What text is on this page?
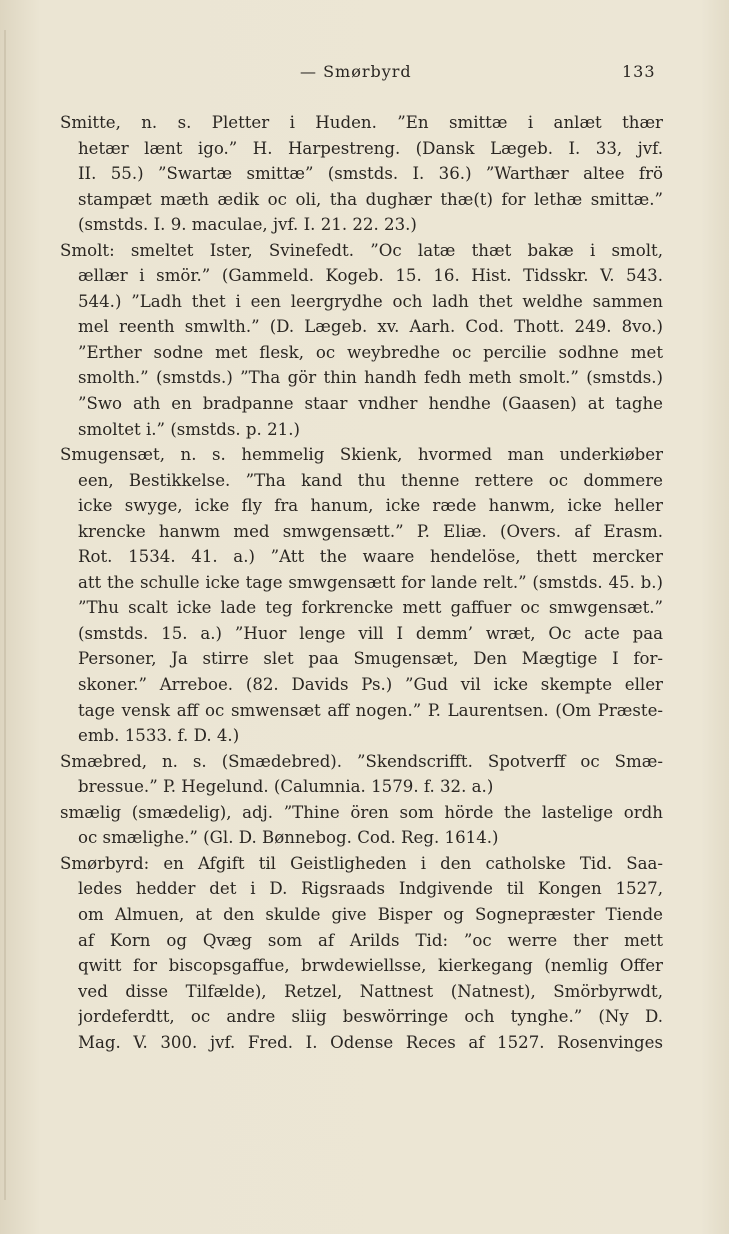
— Smørbyrd	133
Smitte, n. s. Pletter i Huden. ”En smittæ i anlæt thær
hetær lænt igo.” H. Harpestreng. (Dansk Lægeb. I. 33, jvf.
II. 55.) ”Swartæ smittæ” (smstds. I. 36.) ”Warthær altee frö
stampæt mæth ædik oc oli, tha dughær thæ(t) for lethæ smittæ.”
(smstds. I. 9. maculae, jvf. I. 21. 22. 23.)
Smolt: smeltet Ister, Svinefedt. ”Oc latæ thæt bakæ i smolt,
ællær i smör.” (Gammeld. Kogeb. 15. 16. Hist. Tidsskr. V. 543.
544.) ”Ladh thet i een leergrydhe och ladh thet weldhe sammen
mel reenth smwlth.” (D. Lægeb. xv. Aarh. Cod. Thott. 249. 8vo.)
”Erther sodne met flesk, oc weybredhe oc percilie sodhne met
smolth.” (smstds.) ”Tha gör thin handh fedh meth smolt.” (smstds.)
”Swo ath en bradpanne staar vndher hendhe (Gaasen) at taghe
smoltet i.” (smstds. p. 21.)
Smugensæt, n. s. hemmelig Skienk, hvormed man underkiøber
een, Bestikkelse. ”Tha kand thu thenne rettere oc dommere
icke swyge, icke fly fra hanum, icke ræde hanwm, icke heller
krencke hanwm med smwgensætt.” P. Eliæ. (Overs. af Erasm.
Rot. 1534. 41. a.) ”Att the waare hendelöse, thett mercker
att the schulle icke tage smwgensætt for lande relt.” (smstds. 45. b.)
”Thu scalt icke lade teg forkrencke mett gaffuer oc smwgensæt.”
(smstds. 15. a.) ”Huor lenge vill I demm’ wræt, Oc acte paa
Personer, Ja stirre slet paa Smugensæt, Den Mægtige I for-
skoner.” Arreboe. (82. Davids Ps.) ”Gud vil icke skempte eller
tage vensk aff oc smwensæt aff nogen.” P. Laurentsen. (Om Præste-
emb. 1533. f. D. 4.)
Smæbred, n. s. (Smædebred). ”Skendscrifft. Spotverff oc Smæ-
bressue.” P. Hegelund. (Calumnia. 1579. f. 32. a.)
smælig (smædelig), adj. ”Thine ören som hörde the lastelige ordh
oc smælighe.” (Gl. D. Bønnebog. Cod. Reg. 1614.)
Smørbyrd: en Afgift til Geistligheden i den catholske Tid. Saa-
ledes hedder det i D. Rigsraads Indgivende til Kongen 1527,
om Almuen, at den skulde give Bisper og Sognepræster Tiende
af Korn og Qvæg som af Arilds Tid: ”oc werre ther mett
qwitt for biscopsgaffue, brwdewiellsse, kierkegang (nemlig Offer
ved disse Tilfælde), Retzel, Nattnest (Natnest), Smörbyrwdt,
jordeferdtt, oc andre sliig beswörringe och tynghe.” (Ny D.
Mag. V. 300. jvf. Fred. I. Odense Reces af 1527. Rosenvinges
